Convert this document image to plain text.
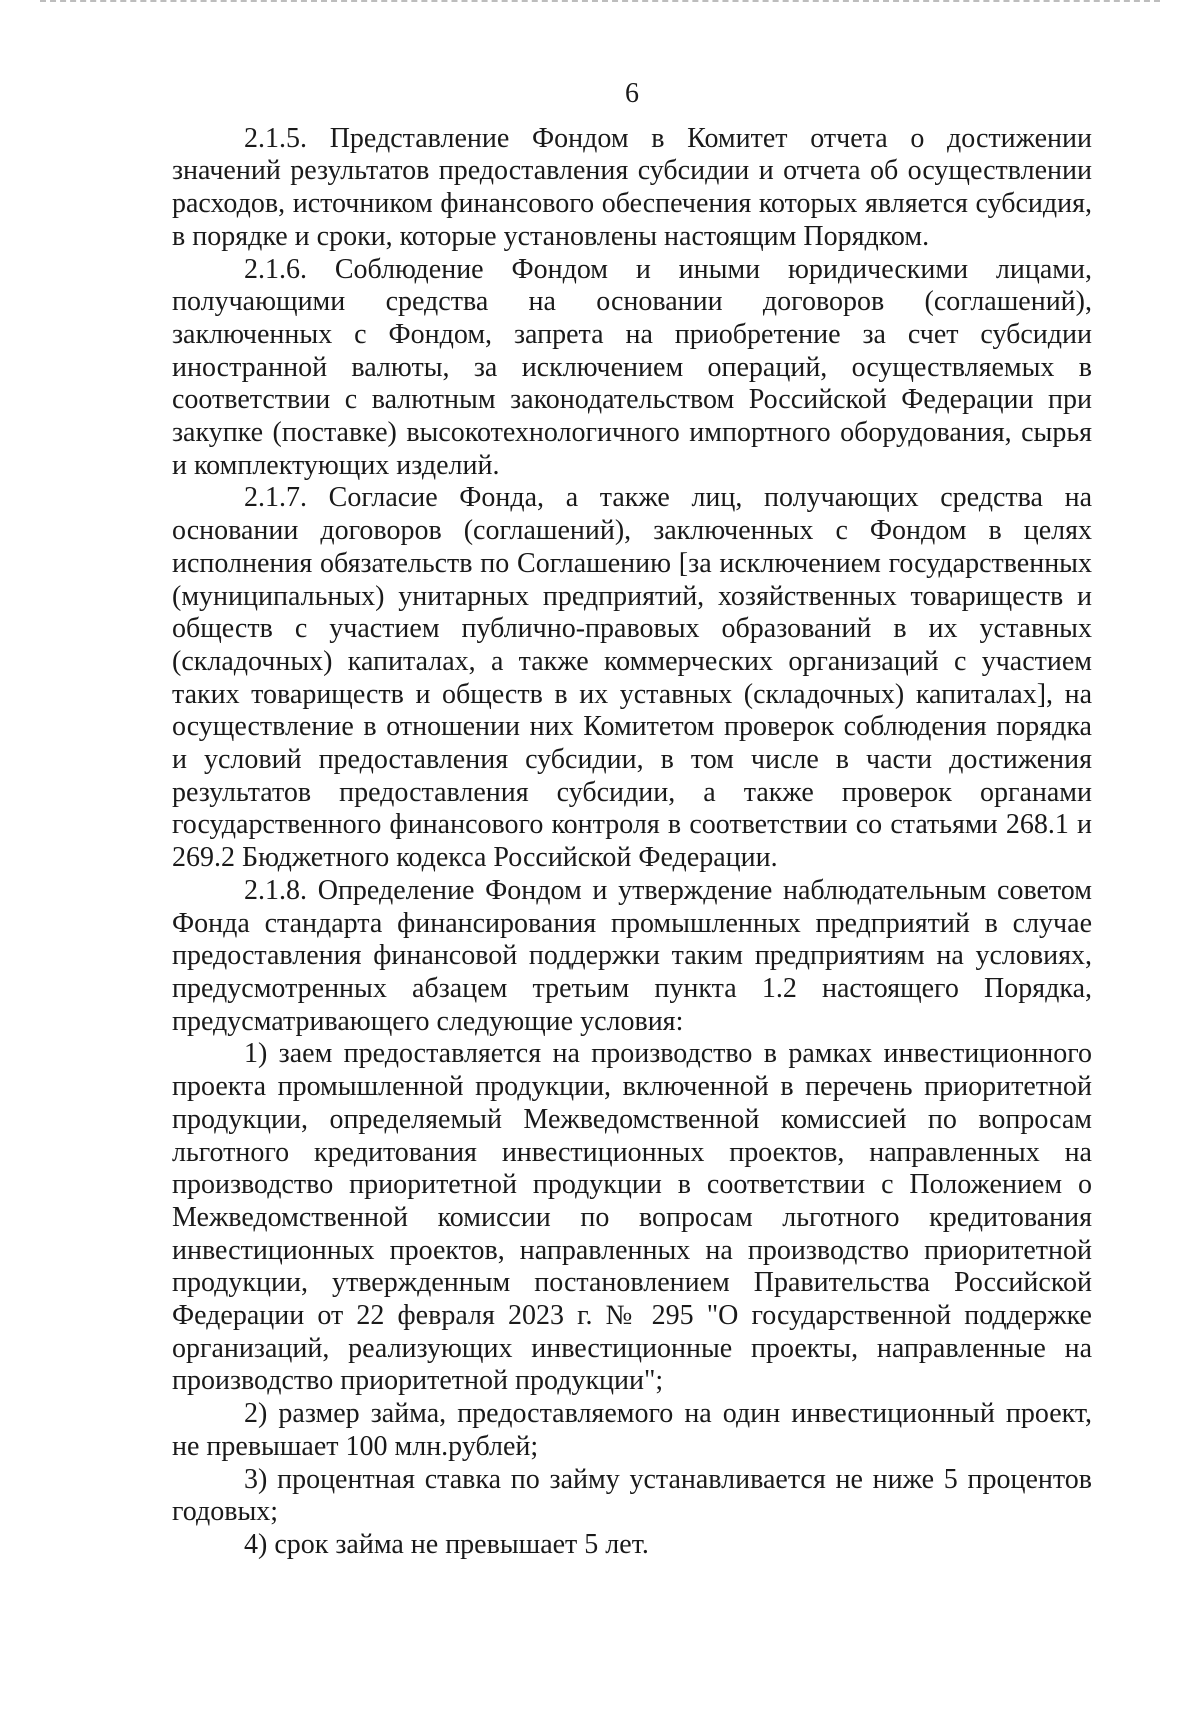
6

2.1.5. Представление Фондом в Комитет отчета о достижении значений результатов предоставления субсидии и отчета об осуществлении расходов, источником финансового обеспечения которых является субсидия, в порядке и сроки, которые установлены настоящим Порядком.

2.1.6. Соблюдение Фондом и иными юридическими лицами, получающими средства на основании договоров (соглашений), заключенных с Фондом, запрета на приобретение за счет субсидии иностранной валюты, за исключением операций, осуществляемых в соответствии с валютным законодательством Российской Федерации при закупке (поставке) высокотехнологичного импортного оборудования, сырья и комплектующих изделий.

2.1.7. Согласие Фонда, а также лиц, получающих средства на основании договоров (соглашений), заключенных с Фондом в целях исполнения обязательств по Соглашению [за исключением государственных (муниципальных) унитарных предприятий, хозяйственных товариществ и обществ с участием публично-правовых образований в их уставных (складочных) капиталах, а также коммерческих организаций с участием таких товариществ и обществ в их уставных (складочных) капиталах], на осуществление в отношении них Комитетом проверок соблюдения порядка и условий предоставления субсидии, в том числе в части достижения результатов предоставления субсидии, а также проверок органами государственного финансового контроля в соответствии со статьями 268.1 и 269.2 Бюджетного кодекса Российской Федерации.

2.1.8. Определение Фондом и утверждение наблюдательным советом Фонда стандарта финансирования промышленных предприятий в случае предоставления финансовой поддержки таким предприятиям на условиях, предусмотренных абзацем третьим пункта 1.2 настоящего Порядка, предусматривающего следующие условия:

1) заем предоставляется на производство в рамках инвестиционного проекта промышленной продукции, включенной в перечень приоритетной продукции, определяемый Межведомственной комиссией по вопросам льготного кредитования инвестиционных проектов, направленных на производство приоритетной продукции в соответствии с Положением о Межведомственной комиссии по вопросам льготного кредитования инвестиционных проектов, направленных на производство приоритетной продукции, утвержденным постановлением Правительства Российской Федерации от 22 февраля 2023 г. № 295 "О государственной поддержке организаций, реализующих инвестиционные проекты, направленные на производство приоритетной продукции";

2) размер займа, предоставляемого на один инвестиционный проект, не превышает 100 млн.рублей;

3) процентная ставка по займу устанавливается не ниже 5 процентов годовых;

4) срок займа не превышает 5 лет.
